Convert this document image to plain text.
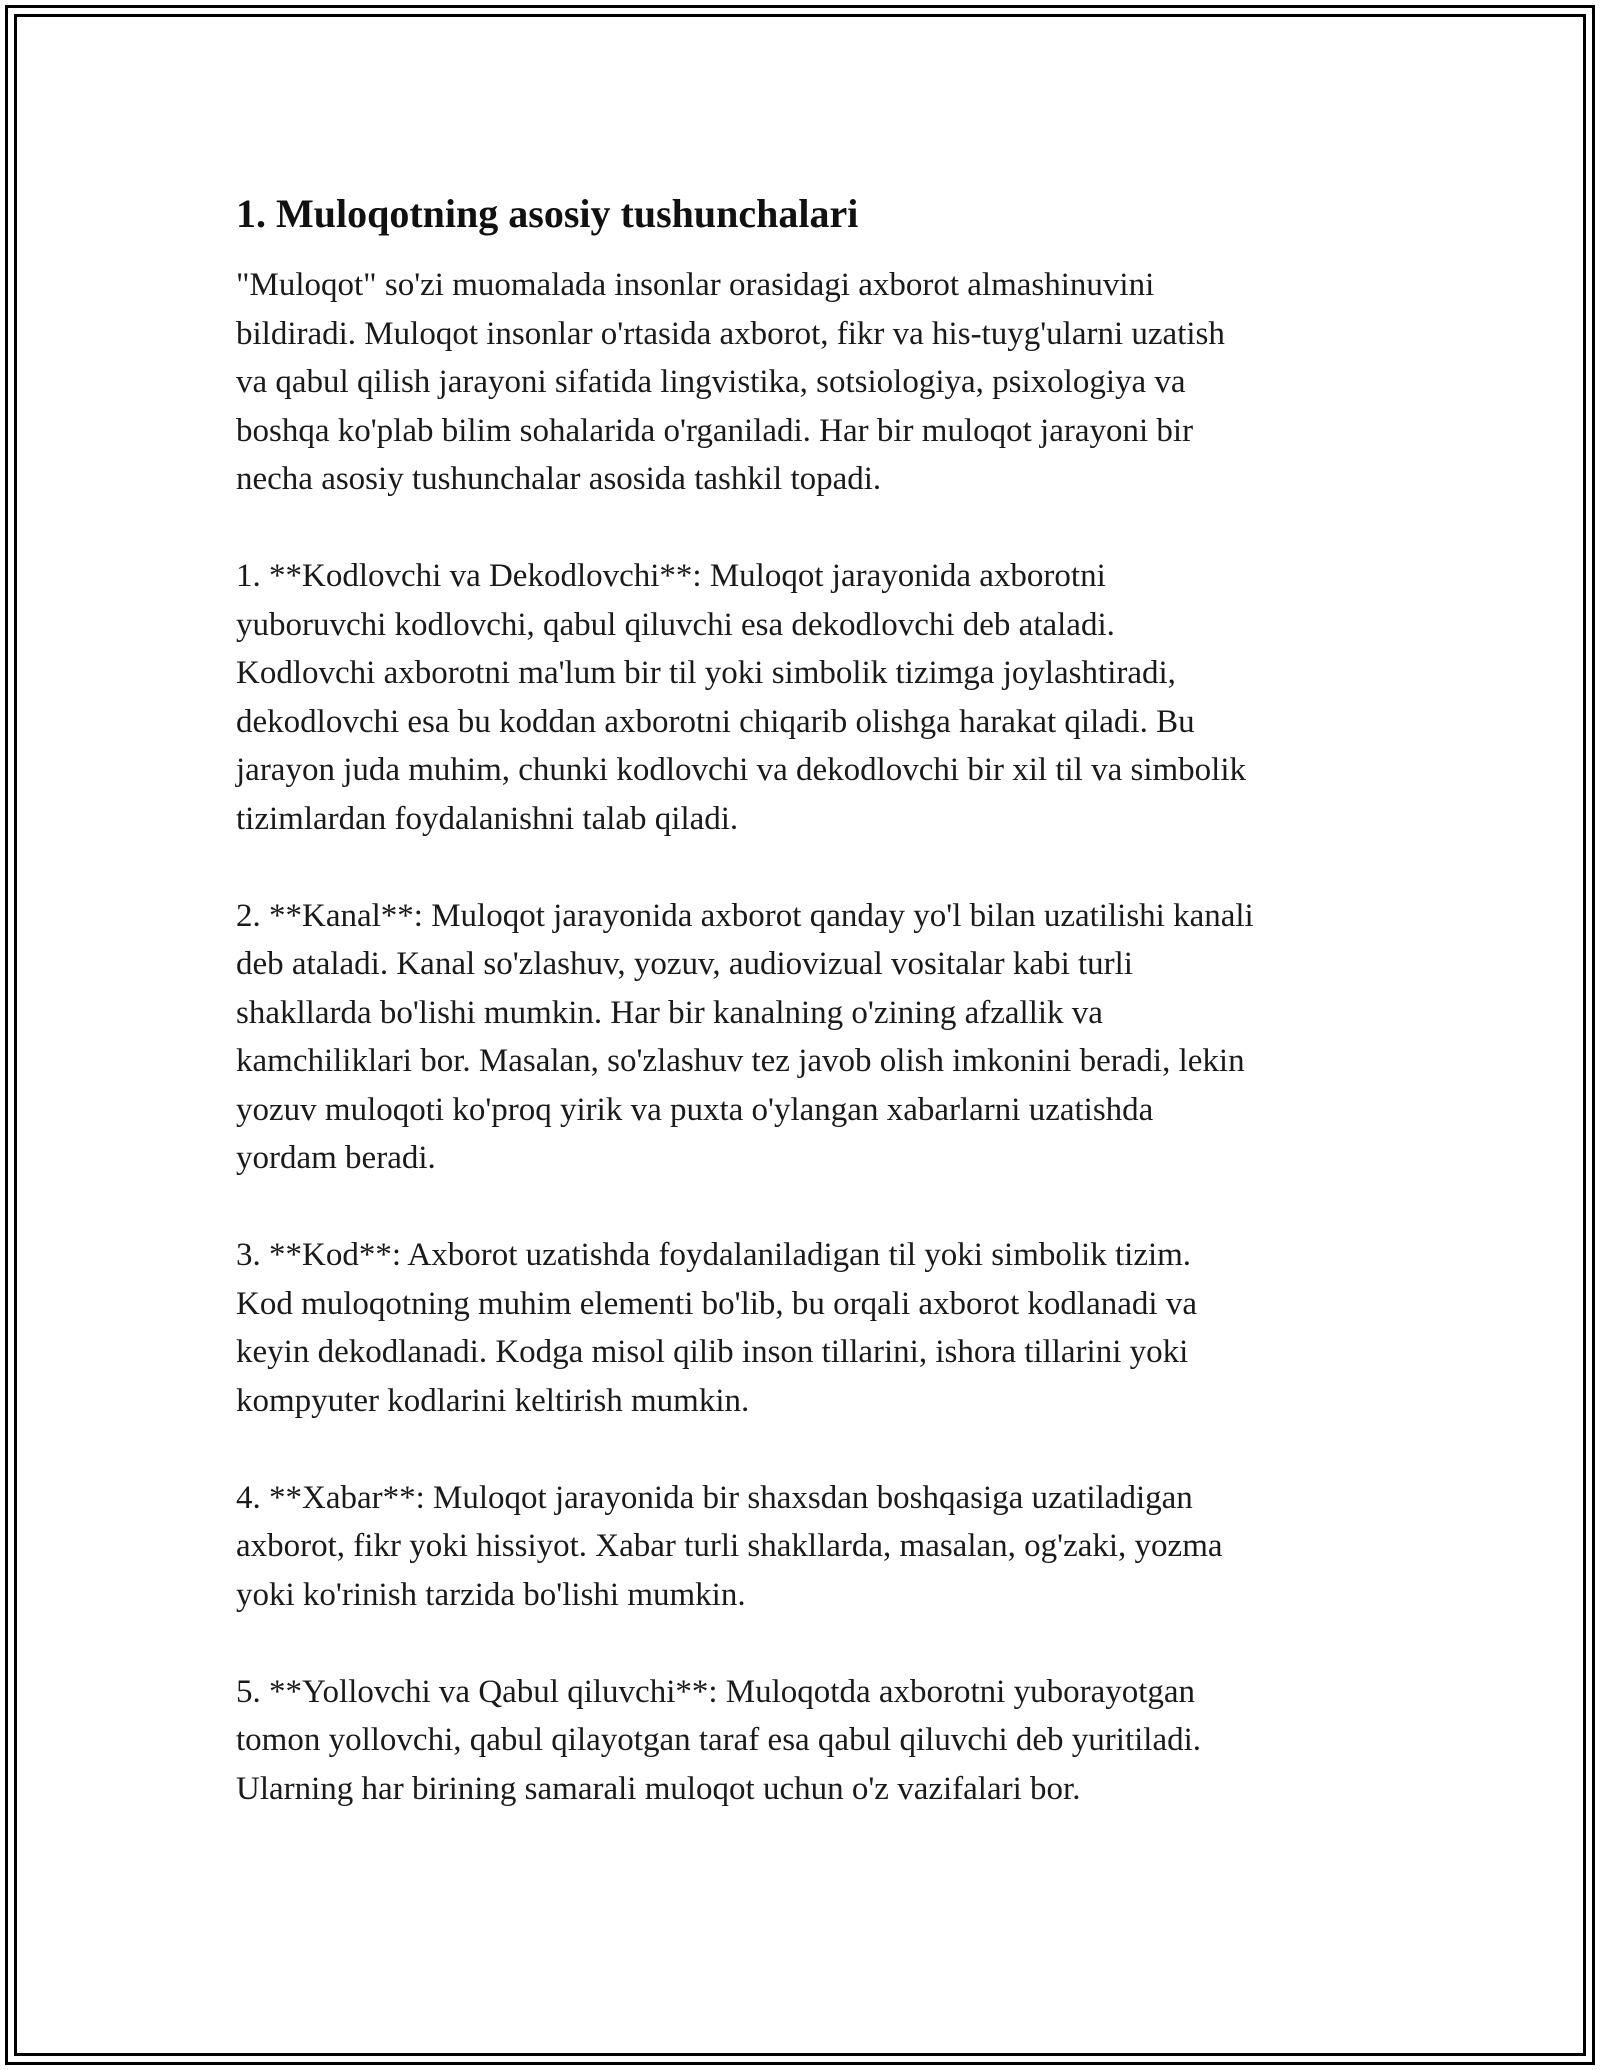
1. Muloqotning asosiy tushunchalari

"Muloqot" so'zi muomalada insonlar orasidagi axborot almashinuvini
bildiradi. Muloqot insonlar o'rtasida axborot, fikr va his-tuyg'ularni uzatish
va qabul qilish jarayoni sifatida lingvistika, sotsiologiya, psixologiya va
boshqa ko'plab bilim sohalarida o'rganiladi. Har bir muloqot jarayoni bir
necha asosiy tushunchalar asosida tashkil topadi.

1. **Kodlovchi va Dekodlovchi**: Muloqot jarayonida axborotni
yuboruvchi kodlovchi, qabul qiluvchi esa dekodlovchi deb ataladi.
Kodlovchi axborotni ma'lum bir til yoki simbolik tizimga joylashtiradi,
dekodlovchi esa bu koddan axborotni chiqarib olishga harakat qiladi. Bu
jarayon juda muhim, chunki kodlovchi va dekodlovchi bir xil til va simbolik
tizimlardan foydalanishni talab qiladi.

2. **Kanal**: Muloqot jarayonida axborot qanday yo'l bilan uzatilishi kanali
deb ataladi. Kanal so'zlashuv, yozuv, audiovizual vositalar kabi turli
shakllarda bo'lishi mumkin. Har bir kanalning o'zining afzallik va
kamchiliklari bor. Masalan, so'zlashuv tez javob olish imkonini beradi, lekin
yozuv muloqoti ko'proq yirik va puxta o'ylangan xabarlarni uzatishda
yordam beradi.

3. **Kod**: Axborot uzatishda foydalaniladigan til yoki simbolik tizim.
Kod muloqotning muhim elementi bo'lib, bu orqali axborot kodlanadi va
keyin dekodlanadi. Kodga misol qilib inson tillarini, ishora tillarini yoki
kompyuter kodlarini keltirish mumkin.

4. **Xabar**: Muloqot jarayonida bir shaxsdan boshqasiga uzatiladigan
axborot, fikr yoki hissiyot. Xabar turli shakllarda, masalan, og'zaki, yozma
yoki ko'rinish tarzida bo'lishi mumkin.

5. **Yollovchi va Qabul qiluvchi**: Muloqotda axborotni yuborayotgan
tomon yollovchi, qabul qilayotgan taraf esa qabul qiluvchi deb yuritiladi.
Ularning har birining samarali muloqot uchun o'z vazifalari bor.
